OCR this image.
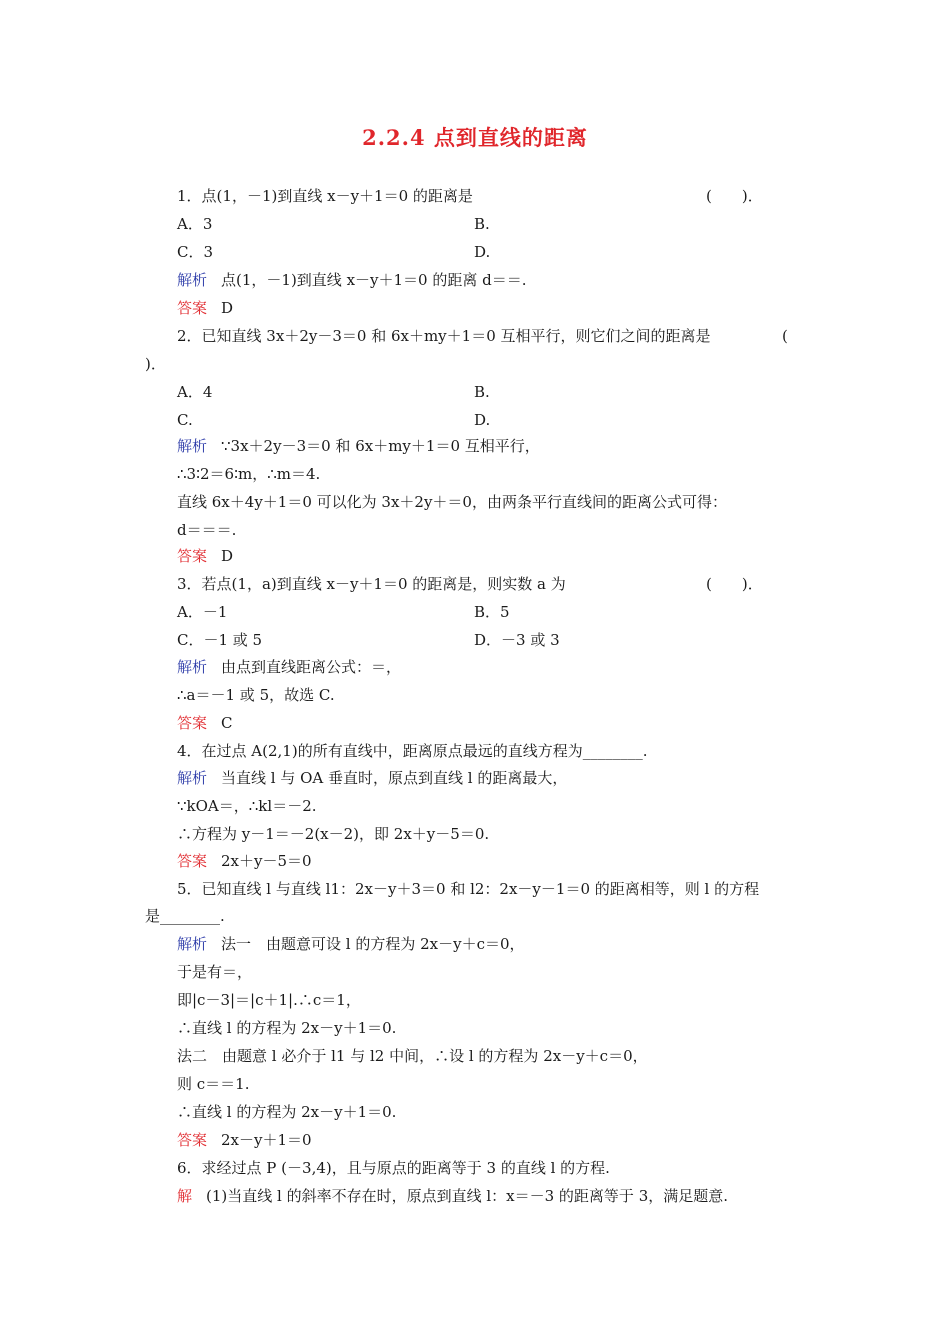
2.2.4 点到直线的距离
1．点(1，－1)到直线 x－y＋1＝0 的距离是	(　　)．
A．3	B.
C．3	D.
解析 点(1，－1)到直线 x－y＋1＝0 的距离 d＝＝.
答案 D
2．已知直线 3x＋2y－3＝0 和 6x＋my＋1＝0 互相平行，则它们之间的距离是	(
)．
A．4	B.
C.	D.
解析 ∵3x＋2y－3＝0 和 6x＋my＋1＝0 互相平行，
∴3∶2＝6∶m，∴m＝4.
直线 6x＋4y＋1＝0 可以化为 3x＋2y＋＝0，由两条平行直线间的距离公式可得：
d＝＝＝.
答案 D
3．若点(1，a)到直线 x－y＋1＝0 的距离是，则实数 a 为	(　　)．
A．－1	B．5
C．－1 或 5	D．－3 或 3
解析 由点到直线距离公式：＝，
∴a＝－1 或 5，故选 C.
答案 C
4．在过点 A(2,1)的所有直线中，距离原点最远的直线方程为________.
解析 当直线 l 与 OA 垂直时，原点到直线 l 的距离最大，
∵kOA＝，∴kl＝－2.
∴方程为 y－1＝－2(x－2)，即 2x＋y－5＝0.
答案 2x＋y－5＝0
5．已知直线 l 与直线 l1：2x－y＋3＝0 和 l2：2x－y－1＝0 的距离相等，则 l 的方程
是________.
解析 法一　由题意可设 l 的方程为 2x－y＋c＝0，
于是有＝，
即|c－3|＝|c＋1|.∴c＝1，
∴直线 l 的方程为 2x－y＋1＝0.
法二　由题意 l 必介于 l1 与 l2 中间，∴设 l 的方程为 2x－y＋c＝0，
则 c＝＝1.
∴直线 l 的方程为 2x－y＋1＝0.
答案 2x－y＋1＝0
6．求经过点 P (－3,4)，且与原点的距离等于 3 的直线 l 的方程.
解 (1)当直线 l 的斜率不存在时，原点到直线 l：x＝－3 的距离等于 3，满足题意.
